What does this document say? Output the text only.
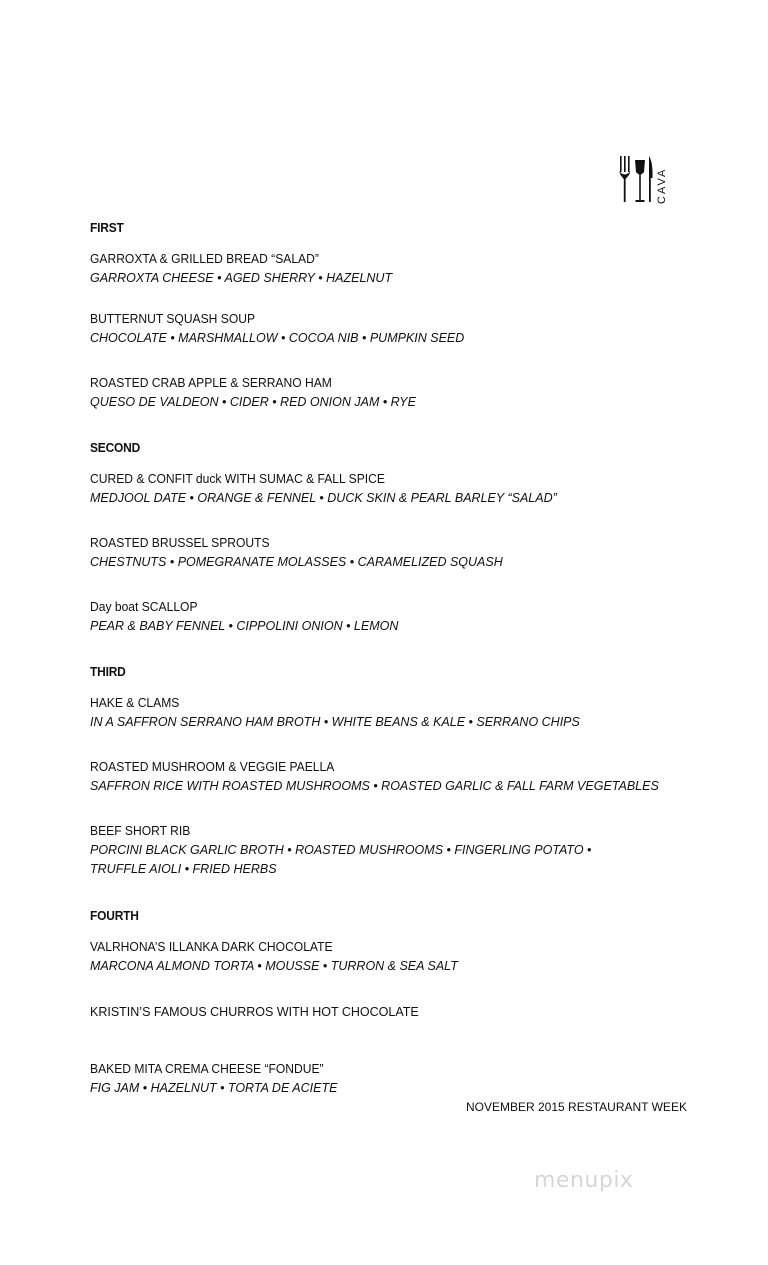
CAVA
FIRST
GARROXTA & GRILLED BREAD “SALAD”
GARROXTA CHEESE • AGED SHERRY • HAZELNUT
BUTTERNUT SQUASH SOUP
CHOCOLATE • MARSHMALLOW • COCOA NIB • PUMPKIN SEED
ROASTED CRAB APPLE & SERRANO HAM
QUESO DE VALDEON • CIDER • RED ONION JAM • RYE
SECOND
CURED & CONFIT duck WITH SUMAC & FALL SPICE
MEDJOOL DATE • ORANGE & FENNEL • DUCK SKIN & PEARL BARLEY “SALAD”
ROASTED BRUSSEL SPROUTS
CHESTNUTS • POMEGRANATE MOLASSES • CARAMELIZED SQUASH
Day boat SCALLOP
PEAR & BABY FENNEL • CIPPOLINI ONION • LEMON
THIRD
HAKE & CLAMS
IN A SAFFRON SERRANO HAM BROTH • WHITE BEANS & KALE • SERRANO CHIPS
ROASTED MUSHROOM & VEGGIE PAELLA
SAFFRON RICE WITH ROASTED MUSHROOMS • ROASTED GARLIC & FALL FARM VEGETABLES
BEEF SHORT RIB
PORCINI BLACK GARLIC BROTH • ROASTED MUSHROOMS • FINGERLING POTATO • TRUFFLE AIOLI • FRIED HERBS
FOURTH
VALRHONA’S ILLANKA DARK CHOCOLATE
MARCONA ALMOND TORTA • MOUSSE • TURRON & SEA SALT
KRISTIN’S FAMOUS CHURROS WITH HOT CHOCOLATE
BAKED MITA CREMA CHEESE “FONDUE”
FIG JAM • HAZELNUT • TORTA DE ACIETE
NOVEMBER 2015 RESTAURANT WEEK
menupix
